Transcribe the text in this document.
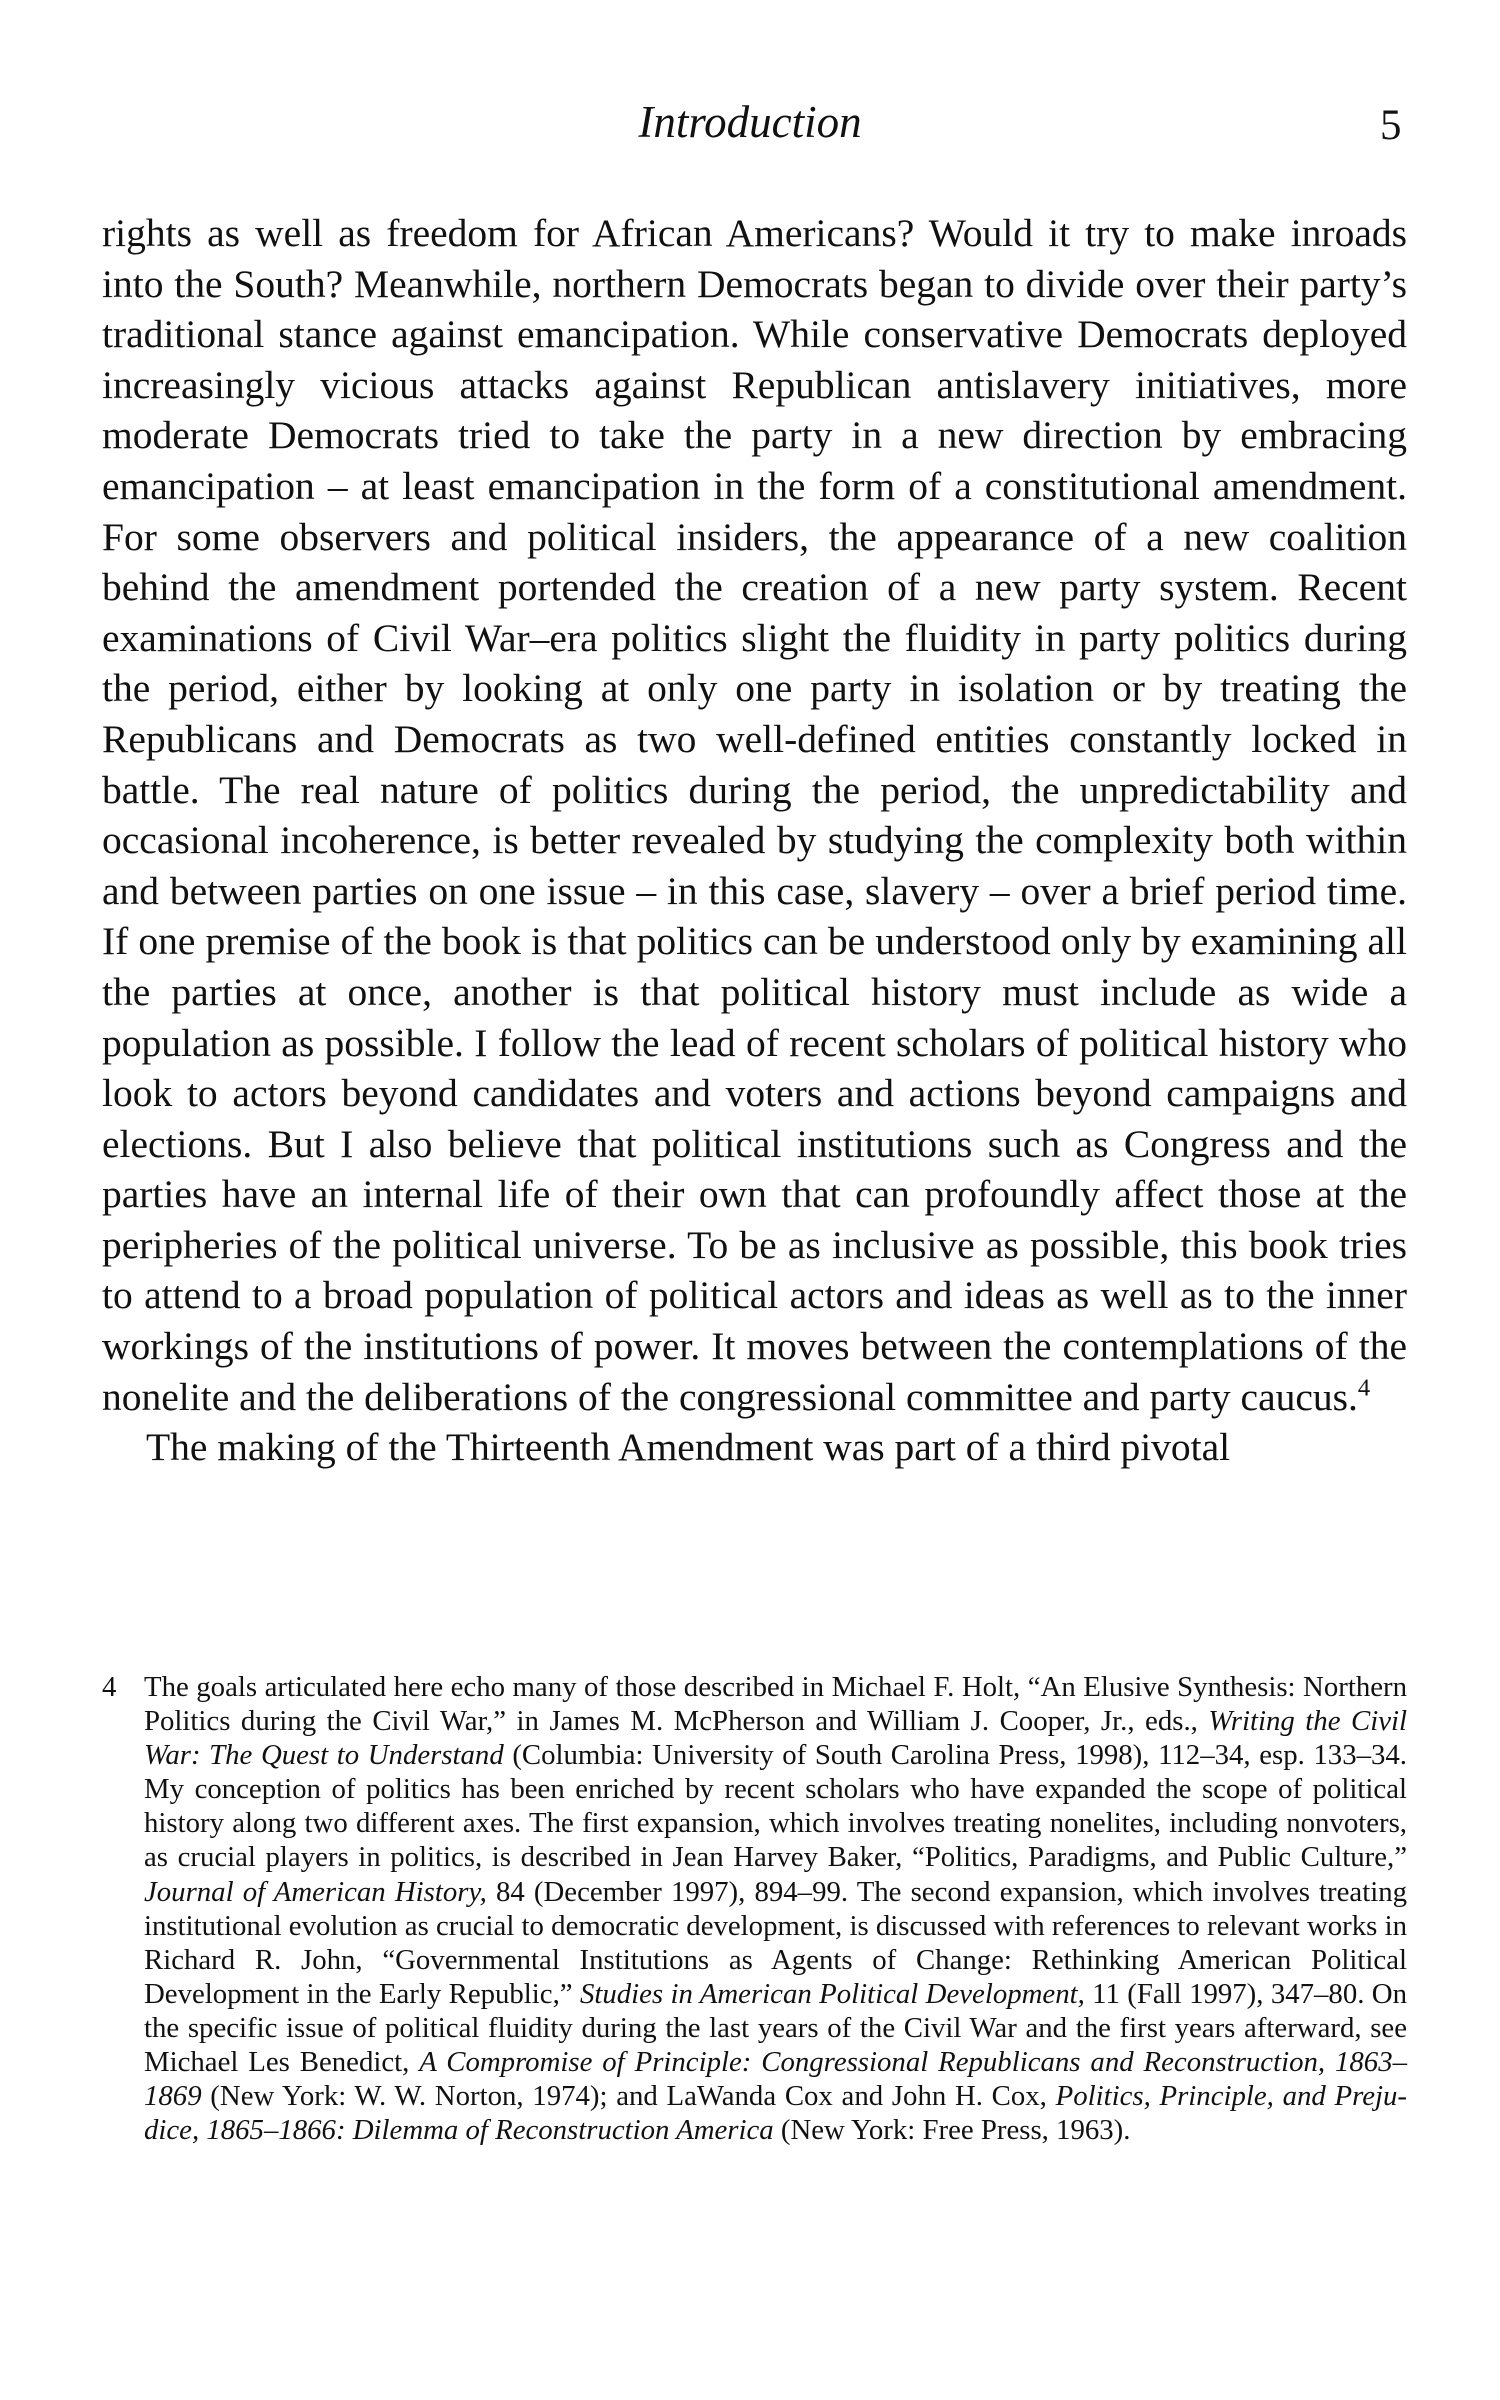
Introduction	5

rights as well as freedom for African Americans? Would it try to make inroads into the South? Meanwhile, northern Democrats began to divide over their party’s traditional stance against emancipation. While conservative Democrats deployed increasingly vicious attacks against Republican antislavery initiatives, more moderate Democrats tried to take the party in a new direction by embracing emancipation – at least emancipation in the form of a constitutional amendment. For some observers and political insiders, the appearance of a new coalition behind the amendment portended the creation of a new party system. Recent examinations of Civil War–era politics slight the fluidity in party politics during the period, either by looking at only one party in isolation or by treating the Republicans and Democrats as two well-defined entities constantly locked in battle. The real nature of politics during the period, the unpredictability and occasional incoherence, is better revealed by studying the complexity both within and between parties on one issue – in this case, slavery – over a brief period time. If one premise of the book is that politics can be understood only by examining all the parties at once, another is that political history must include as wide a population as possible. I follow the lead of recent scholars of political history who look to actors beyond candidates and voters and actions beyond campaigns and elections. But I also believe that political institutions such as Congress and the parties have an internal life of their own that can profoundly affect those at the peripheries of the political universe. To be as inclusive as possible, this book tries to attend to a broad population of political actors and ideas as well as to the inner workings of the institutions of power. It moves between the contemplations of the nonelite and the deliberations of the congressional committee and party caucus.$^4$

The making of the Thirteenth Amendment was part of a third pivotal

4 The goals articulated here echo many of those described in Michael F. Holt, “An Elusive Synthesis: Northern Politics during the Civil War,” in James M. McPherson and William J. Cooper, Jr., eds., Writing the Civil War: The Quest to Understand (Columbia: University of South Carolina Press, 1998), 112–34, esp. 133–34. My conception of politics has been enriched by recent scholars who have expanded the scope of political history along two different axes. The first expansion, which involves treating nonelites, including nonvoters, as crucial players in politics, is described in Jean Harvey Baker, “Politics, Paradigms, and Public Culture,” Journal of American History, 84 (December 1997), 894–99. The second expansion, which involves treating institutional evolution as crucial to democratic development, is discussed with references to relevant works in Richard R. John, “Governmental Institutions as Agents of Change: Rethinking American Political Development in the Early Republic,” Studies in American Political Development, 11 (Fall 1997), 347–80. On the specific issue of political fluidity during the last years of the Civil War and the first years afterward, see Michael Les Benedict, A Compromise of Principle: Congressional Republicans and Reconstruction, 1863–1869 (New York: W. W. Norton, 1974); and LaWanda Cox and John H. Cox, Politics, Principle, and Prejudice, 1865–1866: Dilemma of Reconstruction America (New York: Free Press, 1963).
